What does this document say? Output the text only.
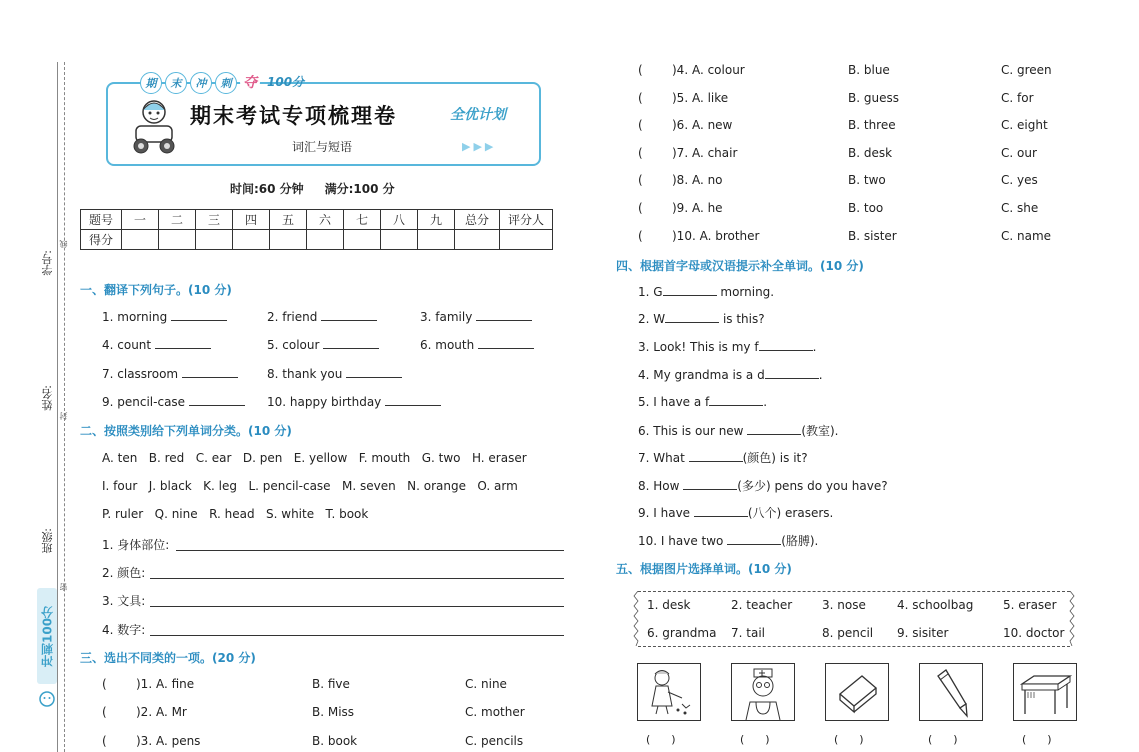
学号:
线
姓名:
封
班级:
密
冲刺100分
期	末	冲	刺 夺 100分
期末考试专项梳理卷	全优计划
词汇与短语	▶▶▶
时间:60 分钟     满分:100 分
题号	一	二	三	四	五	六	七	八	九	总分	评分人
得分											
一、翻译下列句子。(10 分)
1. morning	2. friend	3. family
4. count	5. colour	6. mouth
7. classroom	8. thank you
9. pencil-case	10. happy birthday
二、按照类别给下列单词分类。(10 分)
A. ten   B. red   C. ear   D. pen   E. yellow   F. mouth   G. two   H. eraser
I. four   J. black   K. leg   L. pencil-case   M. seven   N. orange   O. arm
P. ruler   Q. nine   R. head   S. white   T. book
1. 身体部位:
2. 颜色:
3. 文具:
4. 数字:
三、选出不同类的一项。(20 分)
( )1. A. fine	B. five	C. nine
( )2. A. Mr	B. Miss	C. mother
( )3. A. pens	B. book	C. pencils
( )4. A. colour	B. blue	C. green
( )5. A. like	B. guess	C. for
( )6. A. new	B. three	C. eight
( )7. A. chair	B. desk	C. our
( )8. A. no	B. two	C. yes
( )9. A. he	B. too	C. she
( )10. A. brother	B. sister	C. name
四、根据首字母或汉语提示补全单词。(10 分)
1. G	morning.
2. W	is this?
3. Look! This is my f	.
4. My grandma is a d	.
5. I have a f	.
6. This is our new	(教室).
7. What	(颜色) is it?
8. How	(多少) pens do you have?
9. I have	(八个) erasers.
10. I have two	(胳膊).
五、根据图片选择单词。(10 分)
1. desk	2. teacher 3. nose	4. schoolbag 5. eraser
6. grandma 7. tail	8. pencil 9. sisiter	10. doctor
(      )	(      )	(      )	(      )	(      )
